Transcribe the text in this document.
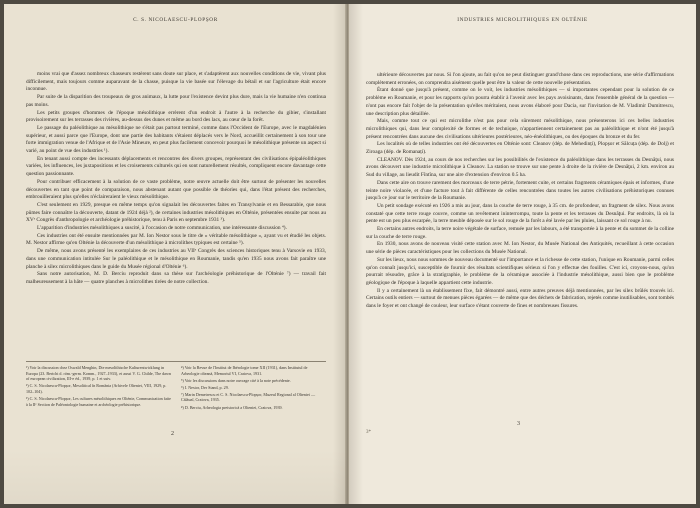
C. S. NICOLAESCU-PLOPȘOR

moins vrai que d'assez nombreux chasseurs restèrent sans doute sur place, et s'adaptèrent aux nouvelles conditions de vie, vivant plus difficilement, mais toujours comme auparavant de la chasse, puisque la vie basée sur l'élevage du bétail et sur l'agriculture était encore inconnue.

Par suite de la disparition des troupeaux de gros animaux, la lutte pour l'existence devint plus dure, mais la vie humaine n'en continua pas moins.

Les petits groupes d'hommes de l'époque mésolithique errèrent d'un endroit à l'autre à la recherche du gibier, s'installant provisoirement sur les terrasses des rivières, au-dessus des dunes et même au bord des lacs, au cœur de la forêt.

Le passage du paléolithique au mésolithique ne s'était pas partout terminé, comme dans l'Occident de l'Europe, avec le magdalénien supérieur, et aussi parce que l'Europe, dont une partie des habitants s'étaient déplacés vers le Nord, accueillit certainement à son tour une forte immigration venue de l'Afrique et de l'Asie Mineure, en peut plus facilement concevoir pourquoi le mésolithique présente un aspect si varié, au point de vue des industries ¹).

En tenant aussi compte des incessants déplacements et rencontres des divers groupes, représentant des civilisations épipaléolithiques variées, les influences, les juxtapositions et les croisements culturels qui en sont naturellement résultés, compliquent encore davantage cette question passionnante.

Pour contribuer efficacement à la solution de ce vaste problème, notre œuvre actuelle doit être surtout de présenter les nouvelles découvertes en tant que point de comparaison, nous abstenant autant que possible de théories qui, dans l'état présent des recherches, embrouilleraient plus qu'elles n'éclaireraient le vieux mésolithique.

C'est seulement en 1929, presque en même temps qu'on signalait les découvertes faites en Transylvanie et en Bessarabie, que nous pûmes faire connaître la découverte, datant de 1924 déjà ²), de certaines industries mésolithiques en Olténie, présentées ensuite par nous au XVᵉ Congrès d'anthropologie et archéologie préhistorique, tenu à Paris en septembre 1931 ³).

L'apparition d'industries mésolithiques a suscité, à l'occasion de notre communication, une intéressante discussion ⁴).

Ces industries ont été ensuite mentionnées par M. Ion Nestor sous le titre de « véritable mésolithique », ayant vu et étudié les objets. M. Nestor affirme qu'en Olténie la découverte d'un mésolithique à microlithes typiques est certaine ⁵).

De même, nous avons présenté les exemplaires de ces industries au VIIᵉ Congrès des sciences historiques tenu à Varsovie en 1933, dans une communication intitulée Sur le paléolithique et le mésolithique en Roumanie, tandis qu'en 1935 nous avons fait paraître une planche à silex microlithiques dans le guide du Musée régional d'Olténie ⁶).

Sans notre autorisation, M. D. Berciu reproduit dans sa thèse sur l'archéologie préhistorique de l'Olténie ⁷) — travail fait malheureusement à la hâte — quatre planches à microlithes tirées de notre collection.

¹) Voir la discussion chez Oswald Menghin, Die mesolithische Kulturentwicklung in Europa (23. Bericht d. röm.-germ. Komm., 1927–1933), et aussi V. G. Childe, The dawn of european civilization, III-e éd., 1939, p. 1 et suiv.

²) C. S. Nicolaescu-Plopșor, Mesolitical în România (Arhivele Olteniei, VIII, 1929, p. 102–104).

³) C. S. Nicolaescu-Plopșor, Les cultures mésolithiques en Olténie, Communication faite à la IIᵉ Section de Paléontologie humaine et archéologie préhistorique.

⁴) Voir la Revue de l'Institut de Ibérologie tome XII (1931), dans Institutul de Arheologie olteană, Memoriul VI, Craiova, 1931.

⁵) Voir les discussions dans notre ouvrage cité à la note précédente.

⁶) I. Nestor, Der Stand, p. 29.

⁷) Marin Demetrescu et C. S. Nicolaescu-Plopșor, Muzeul Regional al Olteniei — Călăuzĭ, Craiova, 1935.

⁸) D. Berciu, Arheologia preistorică a Olteniei, Craiova, 1939.

2
INDUSTRIES MICROLITHIQUES EN OLTÉNIE

ultérieure découvertes par nous. Si l'on ajoute, au fait qu'on ne peut distinguer grand'chose dans ces reproductions, une série d'affirmations complètement erronées, on comprendra aisément quelle peut être la valeur de cette nouvelle présentation.

Étant donné que jusqu'à présent, comme on le voit, les industries mésolithiques — si importantes cependant pour la solution de ce problème en Roumanie, et pour les rapports qu'on pourra établir à l'avenir avec les pays avoisinants, dans l'ensemble général de la question — n'ont pas encore fait l'objet de la présentation qu'elles méritaient, nous avons élaboré pour Dacia, sur l'invitation de M. Vladimir Dumitrescu, une description plus détaillée.

Mais, comme tout ce qui est microlithe n'est pas pour cela sûrement mésolithique, nous présenterons ici ces belles industries microlithiques qui, dans leur complexité de formes et de technique, n'appartiennent certainement pas au paléolithique et n'ont été jusqu'à présent rencontrées dans aucune des civilisations ultérieures postérieures, néo-énéolithiques, ou des époques du bronze et du fer.

Les localités où de telles industries ont été découvertes en Olténie sont: Cleanov (dép. de Mehedinți), Plopșor et Sălcuța (dép. de Dolj) et Ziroaga (dép. de Romanați).

CLEANOV. Dès 1924, au cours de nos recherches sur les possibilités de l'existence du paléolithique dans les terrasses du Desnăţui, nous avons découvert une industrie microlithique à Cleanov. La station se trouve sur une pente à droite de la rivière de Desnăţui, 2 km. environ au Sud du village, au lieudit Fîntîna, sur une aire d'extension d'environ 0.5 ha.

Dans cette aire on trouve rarement des morceaux de terre pétrie, fortement cuite, et certains fragments céramiques épais et informes, d'une teinte noire violacée, et d'une facture tout à fait différente de celles rencontrées dans toutes les autres civilisations préhistoriques connues jusqu'à ce jour sur le territoire de la Roumanie.

Un petit sondage exécuté en 1926 a mis au jour, dans la couche de terre rouge, à 35 cm. de profondeur, un fragment de silex. Nous avons constaté que cette terre rouge couvre, comme un revêtement ininterrompu, toute la pente et les terrasses du Desnăţui. Par endroits, là où la pente est un peu plus escarpée, la terre meuble déposée sur le sol rouge de la forêt a été lavée par les pluies, laissant ce sol rouge à nu.

En certains autres endroits, la terre noire végétale de surface, remuée par les labours, a été transportée à la pente et du sommet de la colline sur la couche de terre rouge.

En 1930, nous avons de nouveau visité cette station avec M. Ion Nestor, du Musée National des Antiquités, recueillant à cette occasion une série de pièces caractéristiques pour les collections du Musée National.

Sur les lieux, nous nous sommes de nouveau documenté sur l'importance et la richesse de cette station, l'unique en Roumanie, parmi celles qu'on connaît jusqu'ici, susceptible de fournir des résultats scientifiques sérieux si l'on y effectue des fouilles. C'est ici, croyons-nous, qu'on pourrait résoudre, grâce à la stratigraphie, le problème de la céramique associée à l'industrie mésolithique, aussi bien que le problème géologique de l'époque à laquelle appartient cette industrie.

Il y a certainement là un établissement fixe, fait démontré aussi, entre autres preuves déjà mentionnées, par les silex brûlés trouvés ici. Certains outils entiers — surtout de menues pièces égarées — de même que des déchets de fabrication, rejetés comme inutilisables, sont tombés dans le foyer et ont changé de couleur, leur surface s'étant couverte de fines et nombreuses fissures.

3*
3
